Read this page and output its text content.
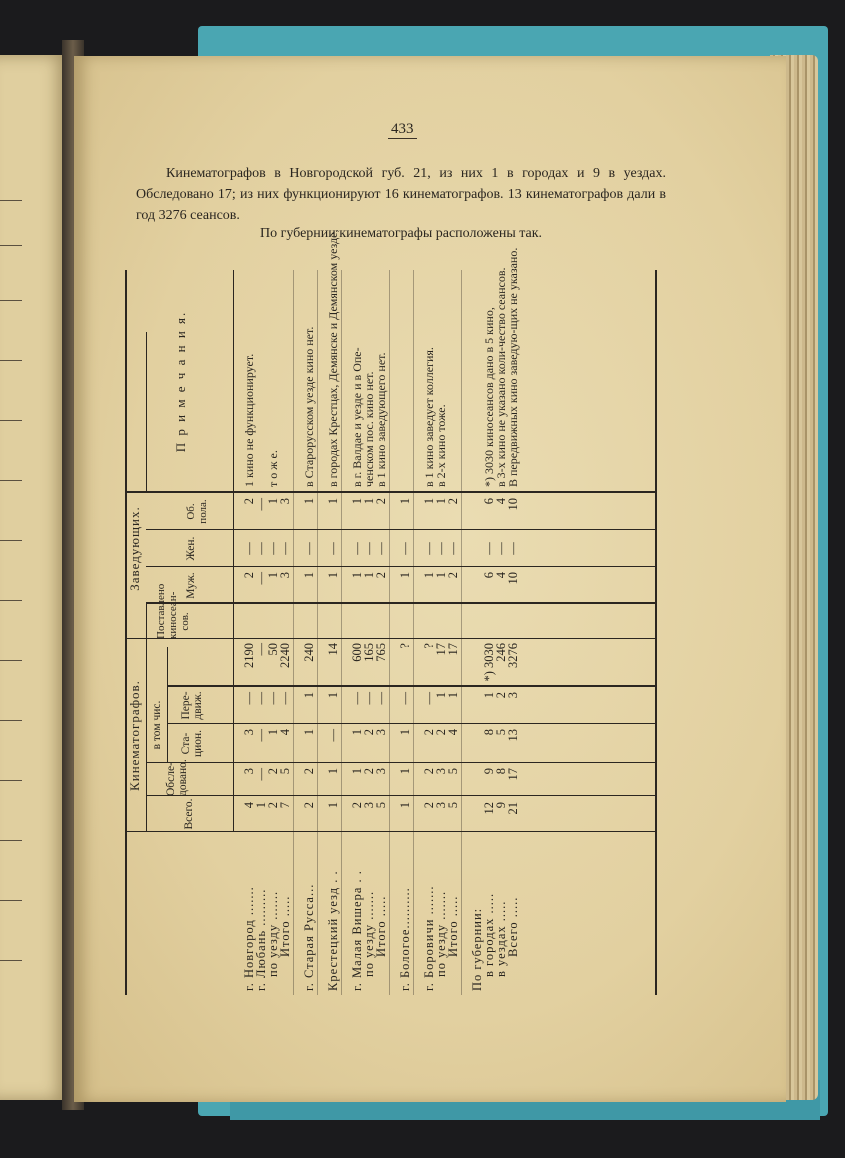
433

Кинематографов в Новгородской губ. 21, из них 1 в городах и 9 в уездах. Обследовано 17; из них функционируют 16 кинематографов. 13 кинематографов дали в год 3276 сеансов.

По губернии кинематографы расположены так.
Кинематографов.
Всего.
Обсле-довано.
в том чис. Ста-цион.
Пере-движ.
Поставлено киносеан-сов.
Заведующих.	Муж.
Жен.
Об. пола.
П р и м е ч а н и я.
г. Новгород .......
4
3
3
—
2190
2
—
2
1 кино не функционирует.
г. Любань .........
1
—
—
—
—
—
—
—
по уезду .......
2
2
1
—
50
1
—
1
т о ж е.
Итого .....
7
5
4
—
2240
3
—
3
г. Старая Русса...
2
2
1
1
240
1
—
1
в Старорусском уезде кино нет.
Крестецкий уезд . .
1
1
—
1
14
1
—
1
в городах Крестцах, Демянске и Демянском уезде,
г. Малая Вишера . .
2
1
1
—
600
1
—
1
в г. Валдае и уезде и в Опе-
по уезду .......
3
2
2
—
165
1
—
1
ченском пос. кино нет.
Итого .....
5
3
3
—
765
2
—
2
в 1 кино заведующего нет.
г. Бологое..........
1
1
1
—
?
1
—
1
г. Боровичи .......
2
2
2
—
?
1
—
1
в 1 кино заведует коллегия.
по уезду .......
3
3
2
1
17
1
—
1
в 2-х кино тоже.
Итого .....
5
5
4
1
17
2
—
2
По губернии:
в городах .....
12
9
8
1
*) 3030
6
—
6
*) 3030 киносеансов дано в 5 кино,
в уездах .....
9
8
5
2
246
4
—
4
в 3-х кино не указано коли-чество сеансов.
Всего .....
21
17
13
3
3276
10
—
10
В передвижных кино заведую-щих не указано.
